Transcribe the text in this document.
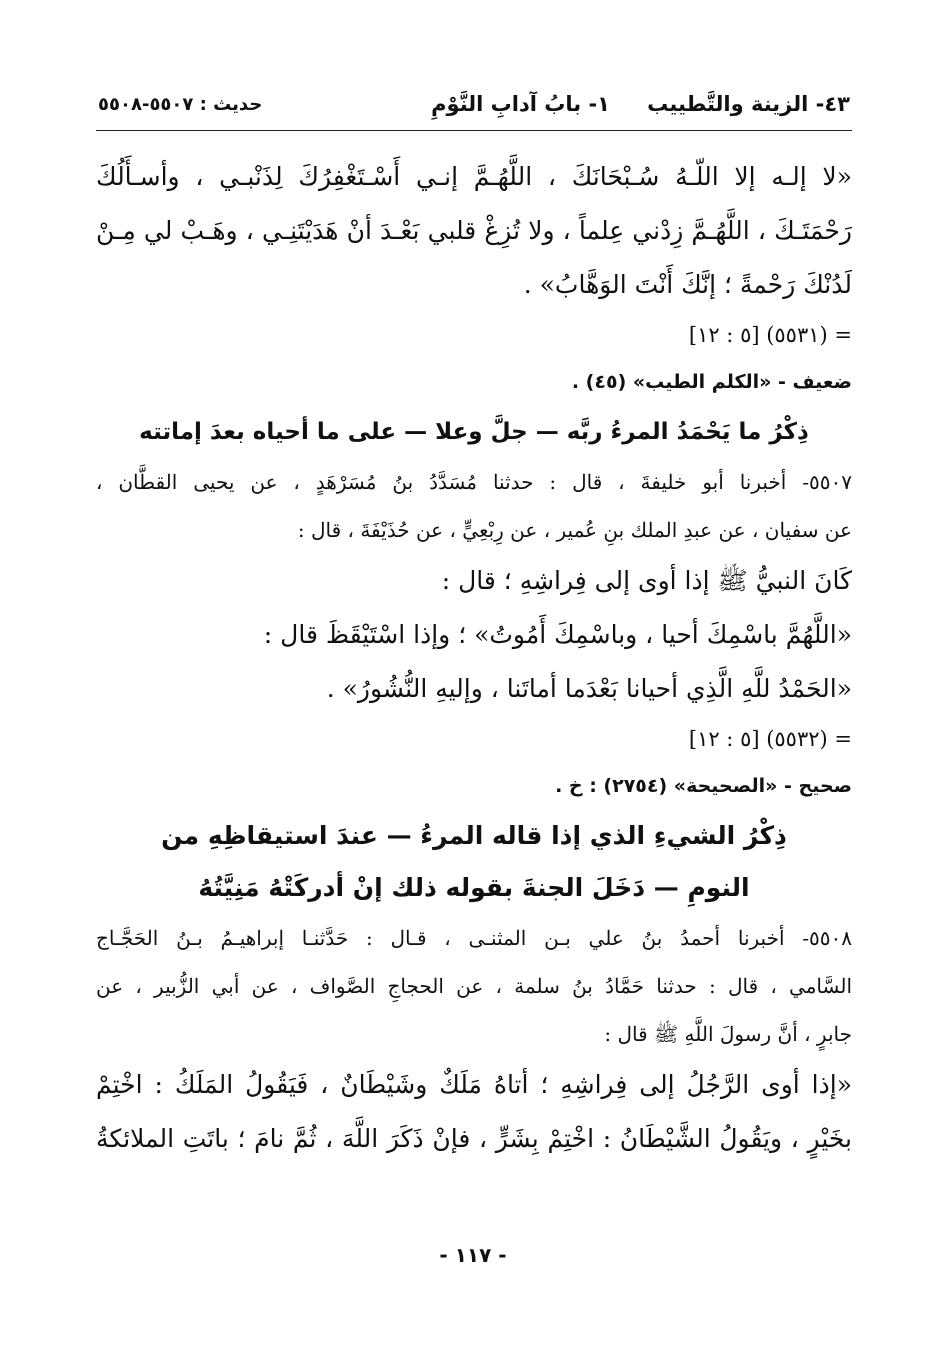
٤٣- الزينة والتَّطييب
١- بابُ آدابِ النَّوْمِ
حديث : ٥٥٠٧-٥٥٠٨
«لا إلـه إلا اللّـهُ سُـبْحَانَكَ ، اللَّهُـمَّ إنـي أَسْـتَغْفِرُكَ لِذَنْبـي ، وأسـأَلُكَ
رَحْمَتَـكَ ، اللَّهُـمَّ زِدْني عِلماً ، ولا تُزِغْ قلبي بَعْـدَ أنْ هَدَيْتَنِـي ، وهَـبْ لي مِـنْ
لَدُنْكَ رَحْمةً ؛ إنَّكَ أَنْتَ الوَهَّابُ» .
= (٥٥٣١) [٥ : ١٢]
ضعيف - «الكلم الطيب» (٤٥) .
ذِكْرُ ما يَحْمَدُ المرءُ ربَّه — جلَّ وعلا — على ما أحياه بعدَ إماتته
٥٥٠٧- أخبرنا أبو خليفةَ ، قال : حدثنا مُسَدَّدُ بنُ مُسَرْهَدٍ ، عن يحيى القطَّان ،
عن سفيان ، عن عبدِ الملك بنِ عُمير ، عن رِبْعِيٍّ ، عن حُذَيْفَةَ ، قال :
كَانَ النبيُّ ﷺ إذا أوى إلى فِراشِهِ ؛ قال :
«اللَّهُمَّ باسْمِكَ أحيا ، وباسْمِكَ أَمُوتُ» ؛ وإذا اسْتَيْقَظَ قال :
«الحَمْدُ للَّهِ الَّذِي أحيانا بَعْدَما أماتَنا ، وإليهِ النُّشُورُ» .
= (٥٥٣٢) [٥ : ١٢]
صحيح - «الصحيحة» (٢٧٥٤) : خ .
ذِكْرُ الشيءِ الذي إذا قاله المرءُ — عندَ استيقاظِهِ من
النومِ — دَخَلَ الجنةَ بقوله ذلك إنْ أدركَتْهُ مَنِيَّتُهُ
٥٥٠٨- أخبرنا أحمدُ بنُ علي بـن المثنـى ، قـال : حَدَّثنـا إبراهيـمُ بـنُ الحَجَّـاج
السَّامي ، قال : حدثنا حَمَّادُ بنُ سلمة ، عن الحجاجِ الصَّواف ، عن أبي الزُّبير ، عن
جابرٍ ، أنَّ رسولَ اللَّهِ ﷺ قال :
«إذا أوى الرَّجُلُ إلى فِراشِهِ ؛ أتاهُ مَلَكٌ وشَيْطَانٌ ، فَيَقُولُ المَلَكُ : اخْتِمْ
بخَيْرٍ ، ويَقُولُ الشَّيْطَانُ : اخْتِمْ بِشَرٍّ ، فإنْ ذَكَرَ اللَّهَ ، ثُمَّ نامَ ؛ باتَتِ الملائكةُ
- ١١٧ -
